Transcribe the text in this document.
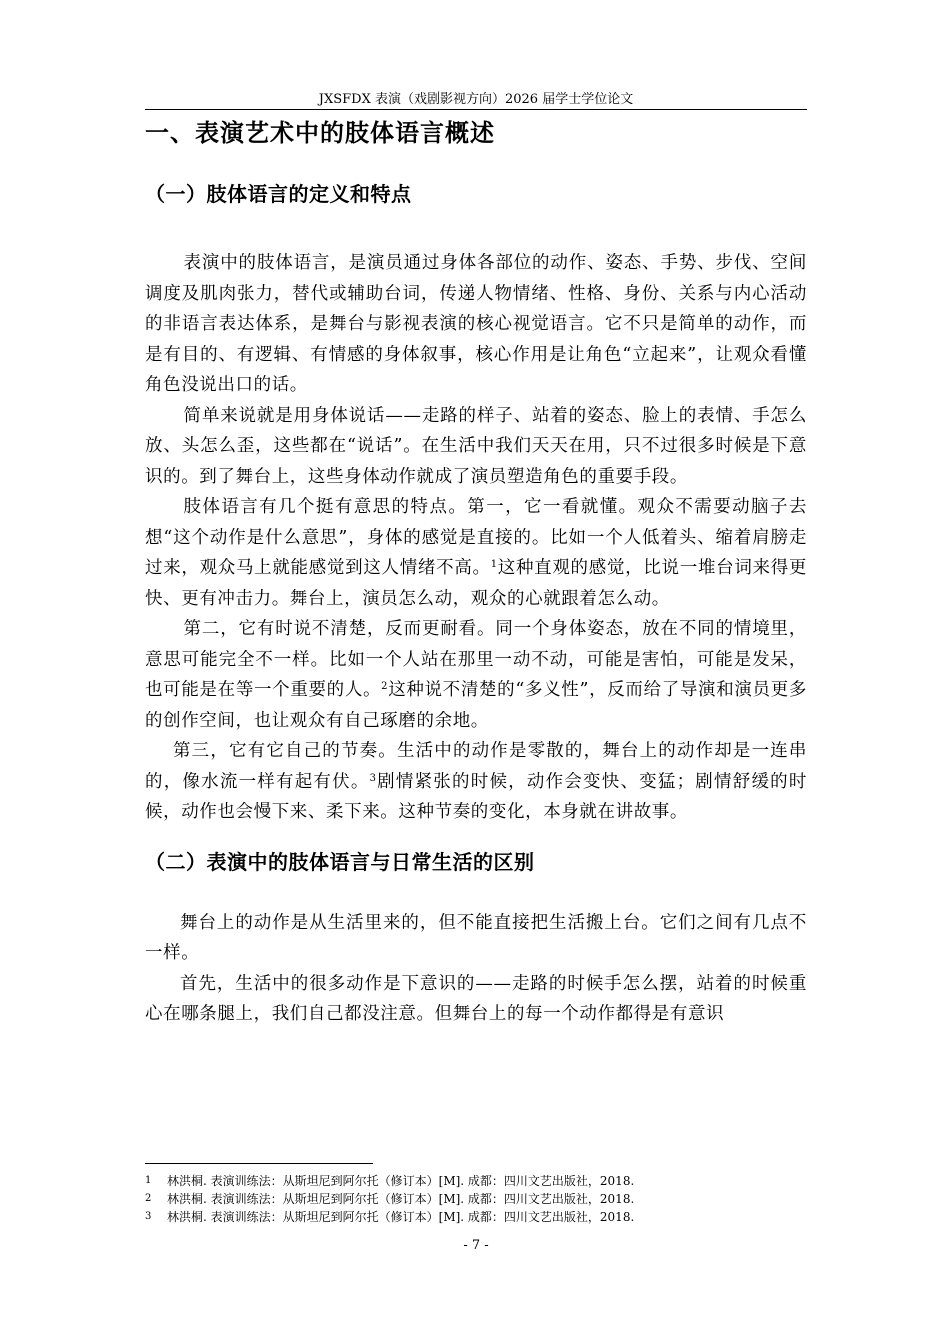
JXSFDX 表演（戏剧影视方向）2026 届学士学位论文
一、表演艺术中的肢体语言概述
（一）肢体语言的定义和特点

表演中的肢体语言，是演员通过身体各部位的动作、姿态、手势、步伐、空间调度及肌肉张力，替代或辅助台词，传递人物情绪、性格、身份、关系与内心活动的非语言表达体系，是舞台与影视表演的核心视觉语言。它不只是简单的动作，而是有目的、有逻辑、有情感的身体叙事，核心作用是让角色“立起来”，让观众看懂角色没说出口的话。

简单来说就是用身体说话——走路的样子、站着的姿态、脸上的表情、手怎么放、头怎么歪，这些都在“说话”。在生活中我们天天在用，只不过很多时候是下意识的。到了舞台上，这些身体动作就成了演员塑造角色的重要手段。

肢体语言有几个挺有意思的特点。第一，它一看就懂。观众不需要动脑子去想“这个动作是什么意思”，身体的感觉是直接的。比如一个人低着头、缩着肩膀走过来，观众马上就能感觉到这人情绪不高。$^1$这种直观的感觉，比说一堆台词来得更快、更有冲击力。舞台上，演员怎么动，观众的心就跟着怎么动。

第二，它有时说不清楚，反而更耐看。同一个身体姿态，放在不同的情境里，意思可能完全不一样。比如一个人站在那里一动不动，可能是害怕，可能是发呆，也可能是在等一个重要的人。$^2$这种说不清楚的“多义性”，反而给了导演和演员更多的创作空间，也让观众有自己琢磨的余地。

第三，它有它自己的节奏。生活中的动作是零散的，舞台上的动作却是一连串的，像水流一样有起有伏。$^3$剧情紧张的时候，动作会变快、变猛；剧情舒缓的时候，动作也会慢下来、柔下来。这种节奏的变化，本身就在讲故事。

（二）表演中的肢体语言与日常生活的区别

舞台上的动作是从生活里来的，但不能直接把生活搬上台。它们之间有几点不一样。

首先，生活中的很多动作是下意识的——走路的时候手怎么摆，站着的时候重心在哪条腿上，我们自己都没注意。但舞台上的每一个动作都得是有意识

1 林洪桐. 表演训练法：从斯坦尼到阿尔托（修订本）[M]. 成都：四川文艺出版社，2018.
2 林洪桐. 表演训练法：从斯坦尼到阿尔托（修订本）[M]. 成都：四川文艺出版社，2018.
3 林洪桐. 表演训练法：从斯坦尼到阿尔托（修订本）[M]. 成都：四川文艺出版社，2018.
- 7 -
